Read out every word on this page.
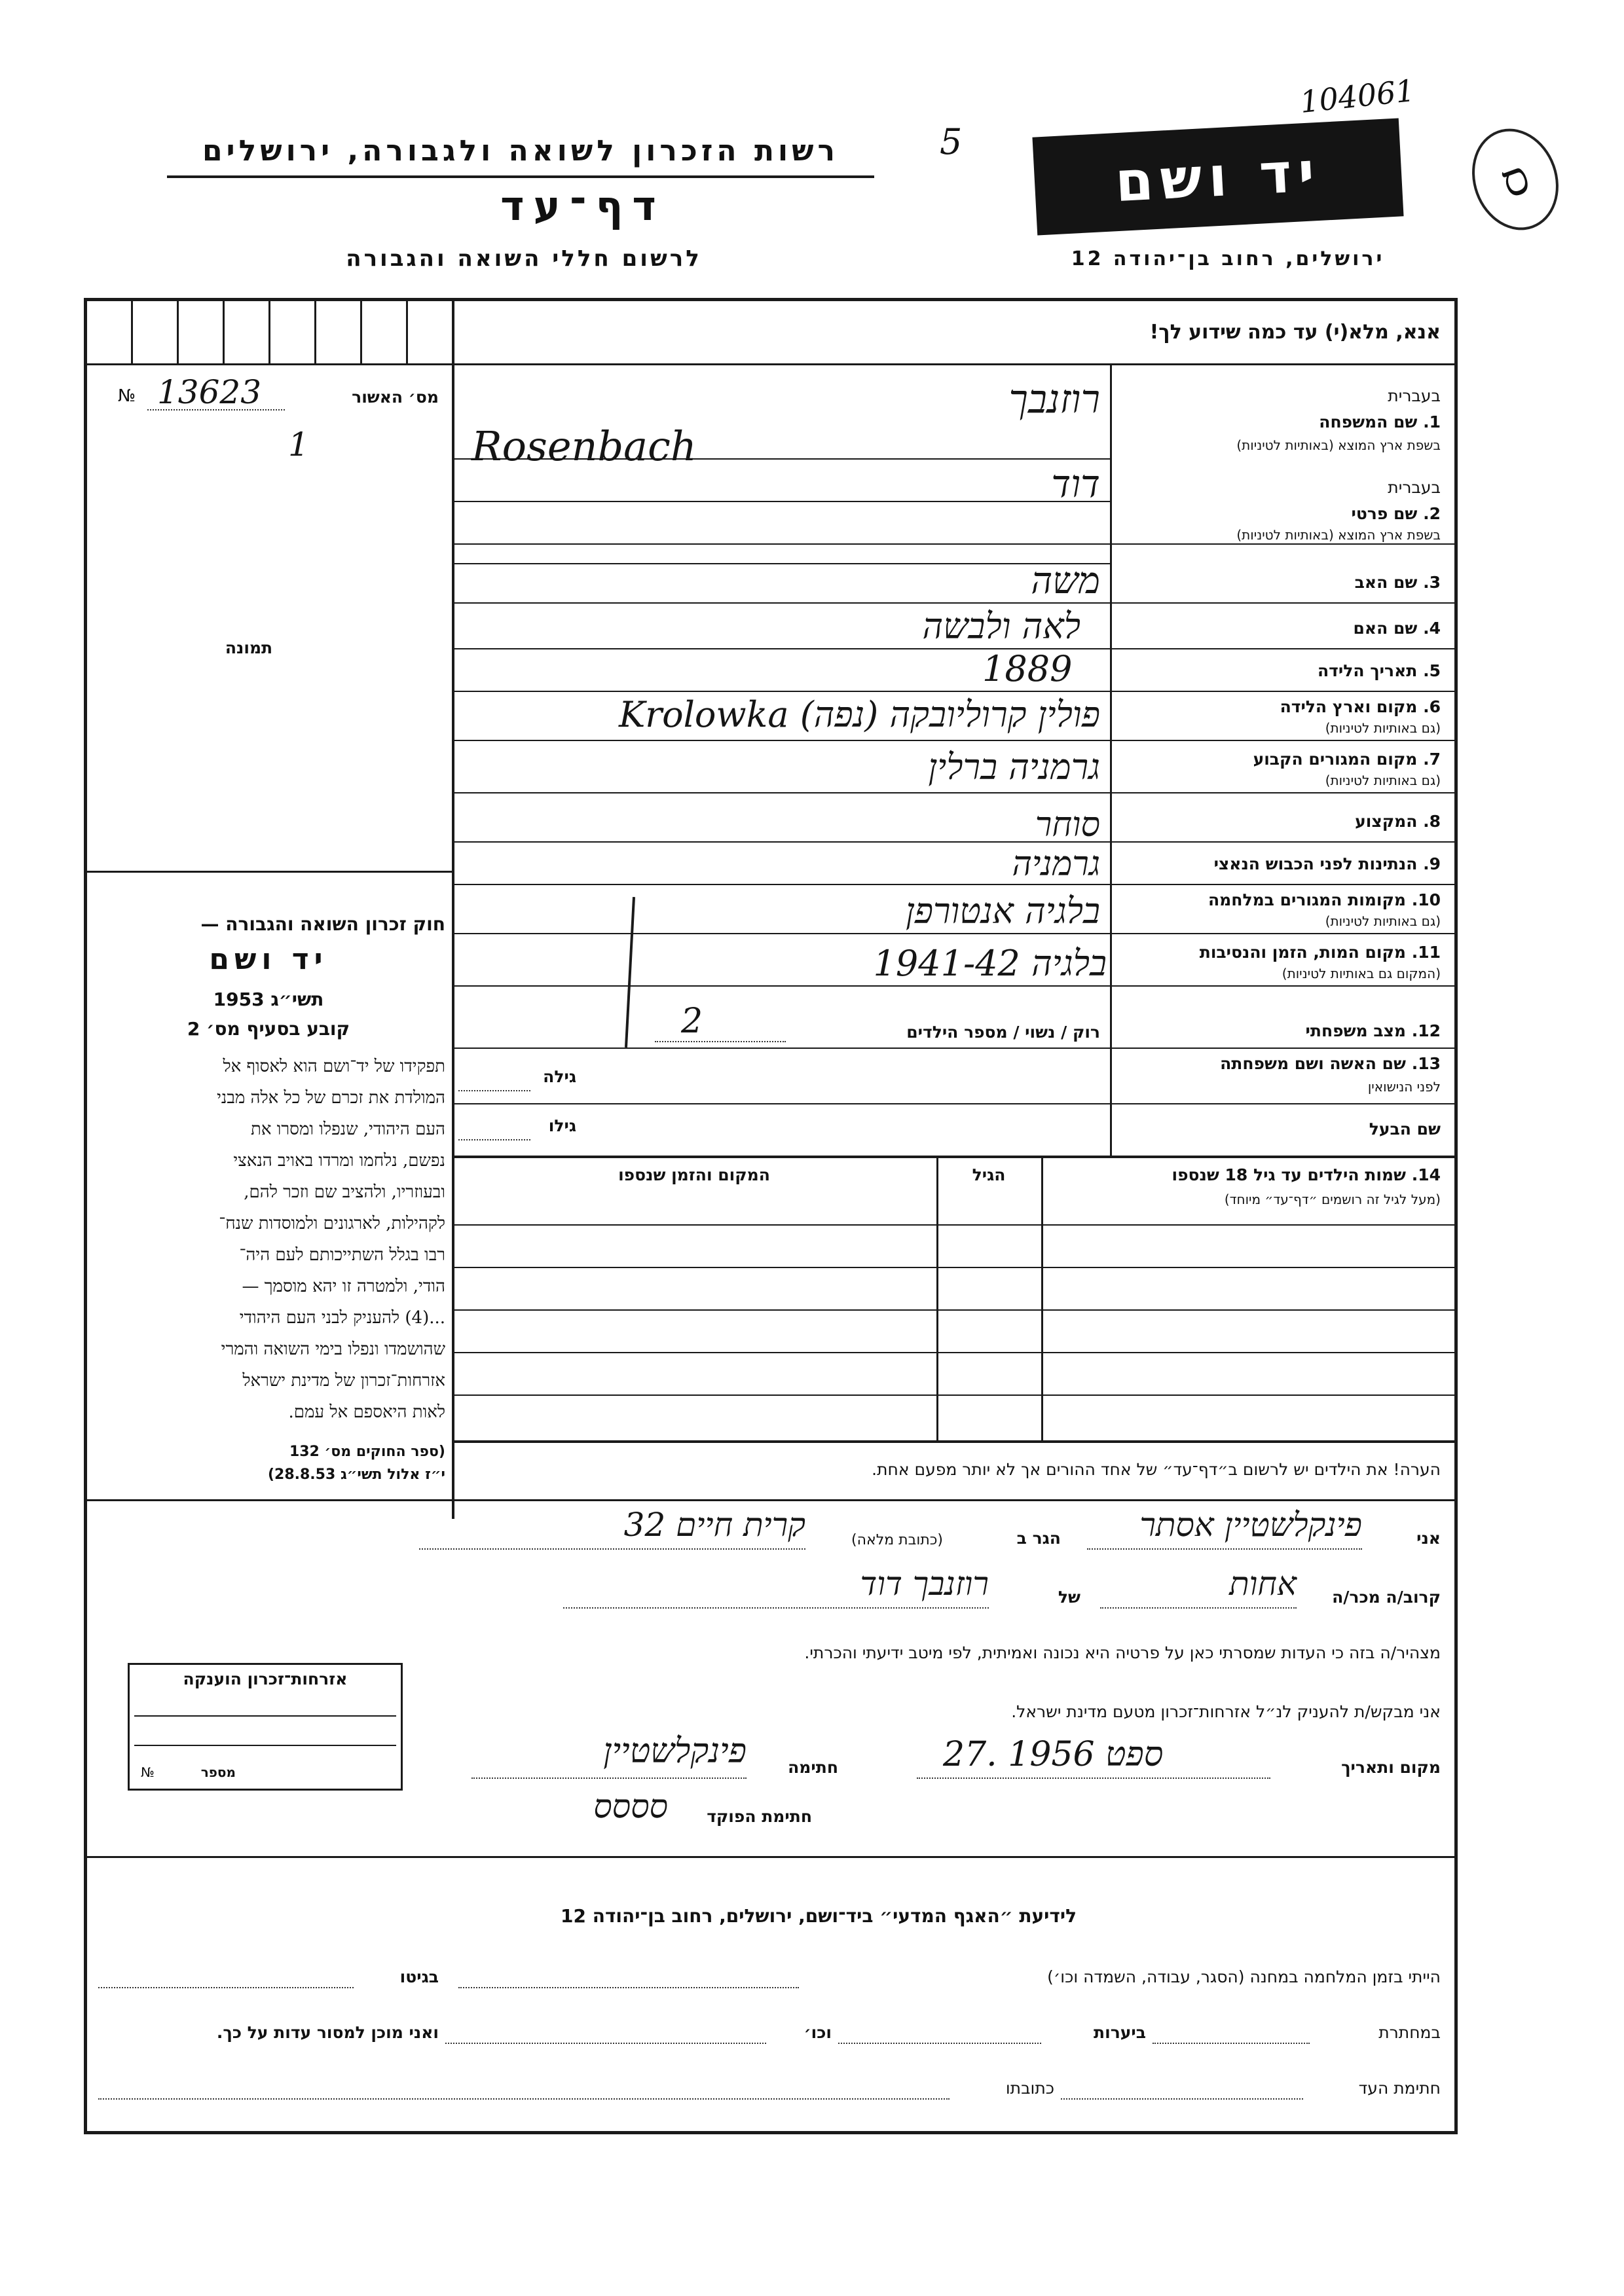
104061
5
ס
רשות הזכרון לשואה ולגבורה, ירושלים
דף־עד
לרשום חללי השואה והגבורה
יד ושם
ירושלים, רחוב בן־יהודה 12
אנא, מלא(י) עד כמה שידוע לך!
№ 13623	מס׳ האשור
1
תמונה
חוק זכרון השואה והגבורה —
יד ושם
תשי״ג 1953
קובע בסעיף מס׳ 2
תפקידו של יד־ושם הוא לאסוף אל
המולדת את זכרם של כל אלה מבני
העם היהודי, שנפלו ומסרו את
נפשם, נלחמו ומרדו באויב הנאצי
ובעוזריו, ולהציב שם וזכר להם,
לקהילות, לארגונים ולמוסדות שנח־
רבו בגלל השתייכותם לעם היה־
הודי, ולמטרה זו יהא מוסמך —
...(4) להעניק לבני העם היהודי
שהושמדו ונפלו בימי השואה והמרי
אזרחות־זכרון של מדינת ישראל
לאות היאספם אל עמם.
(ספר החוקים מס׳ 132
י״ז אלול תשי״ג 28.8.53)
בעברית
1. שם המשפחה
בשפת ארץ המוצא (באותיות לטיניות)
רוזנבך
Rosenbach
בעברית
2. שם פרטי
בשפת ארץ המוצא (באותיות לטיניות)
דוד
3. שם האב
משה
4. שם האם
לאה ולבשה
5. תאריך הלידה
1889
6. מקום וארץ הלידה
(גם באותיות לטיניות)
פולין קרוליובקה (נפה) Krolowka
7. מקום המגורים הקבוע
(גם באותיות לטיניות)
גרמניה ברלין
8. המקצוע
סוחר
9. הנתינות לפני הכבוש הנאצי
גרמניה
10. מקומות המגורים במלחמה
(גם באותיות לטיניות)
בלגיה אנטורפן
11. מקום המות, הזמן והנסיבות
(המקום גם באותיות לטיניות)
בלגיה 1941-42
12. מצב משפחתי
רוק / נשוי / מספר הילדים
2
13. שם האשה ושם משפחתה
לפני הנישואין
גילה
שם הבעל
גילו
14. שמות הילדים עד גיל 18 שנספו
(מעל לגיל זה רושמים ״דף־עד״ מיוחד)
הגיל
המקום והזמן שנספו
הערה! את הילדים יש לרשום ב״דף־עד״ של אחד ההורים אך לא יותר מפעם אחת.
אני
פינקלשטיין אסתר
הגר ב
(כתובת מלאה)
קרית חיים 32
קרוב/ה מכר/ה
אחות
של
רוזנבך דוד
מצהיר/ה בזה כי העדות שמסרתי כאן על פרטיה היא נכונה ואמיתית, לפי מיטב ידיעתי והכרתי.
אני מבקש/ת להעניק לנ״ל אזרחות־זכרון מטעם מדינת ישראל.
מקום ותאריך
27. ספט 1956
חתימה
פינקלשטיין
חתימת הפוקד
סססס
אזרחות־זכרון הוענקה
מספר
№
לידיעת ״האגף המדעי״ ביד־ושם, ירושלים, רחוב בן־יהודה 12
הייתי בזמן המלחמה במחנה (הסגר, עבודה, השמדה וכו׳)
בגיטו
במחתרת
ביערות
וכו׳
ואני מוכן למסור עדות על כך.
חתימת העד
כתובתו
